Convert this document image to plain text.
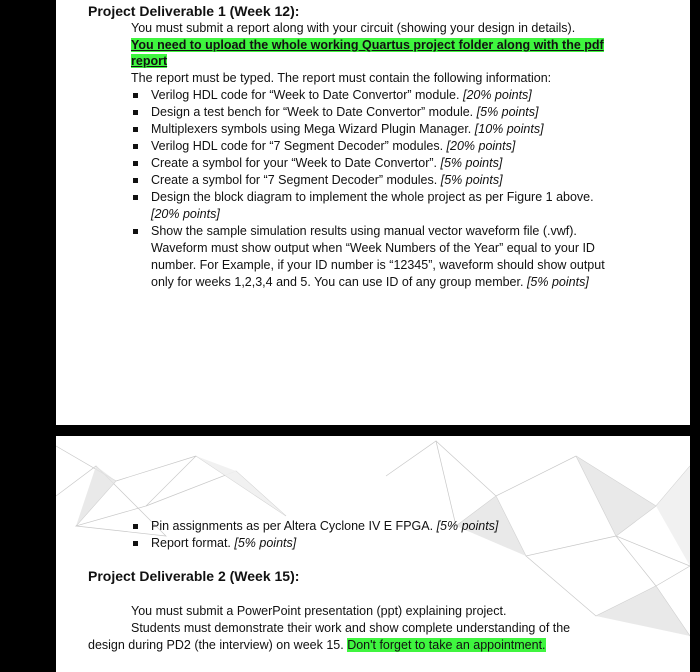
Project Deliverable 1 (Week 12):
You must submit a report along with your circuit (showing your design in details).
You need to upload the whole working Quartus project folder along with the pdf
report
The report must be typed. The report must contain the following information:
Verilog HDL code for “Week to Date Convertor” module. [20% points]
Design a test bench for “Week to Date Convertor” module. [5% points]
Multiplexers symbols using Mega Wizard Plugin Manager. [10% points]
Verilog HDL code for “7 Segment Decoder” modules. [20% points]
Create a symbol for your “Week to Date Convertor”. [5% points]
Create a symbol for “7 Segment Decoder” modules. [5% points]
Design the block diagram to implement the whole project as per Figure 1 above.
[20% points]
Show the sample simulation results using manual vector waveform file (.vwf).
Waveform must show output when “Week Numbers of the Year” equal to your ID
number. For Example, if your ID number is “12345”, waveform should show output
only for weeks 1,2,3,4 and 5. You can use ID of any group member. [5% points]
Pin assignments as per Altera Cyclone IV E FPGA. [5% points]
Report format. [5% points]
Project Deliverable 2 (Week 15):
You must submit a PowerPoint presentation (ppt) explaining project.
Students must demonstrate their work and show complete understanding of the
design during PD2 (the interview) on week 15. Don't forget to take an appointment.
